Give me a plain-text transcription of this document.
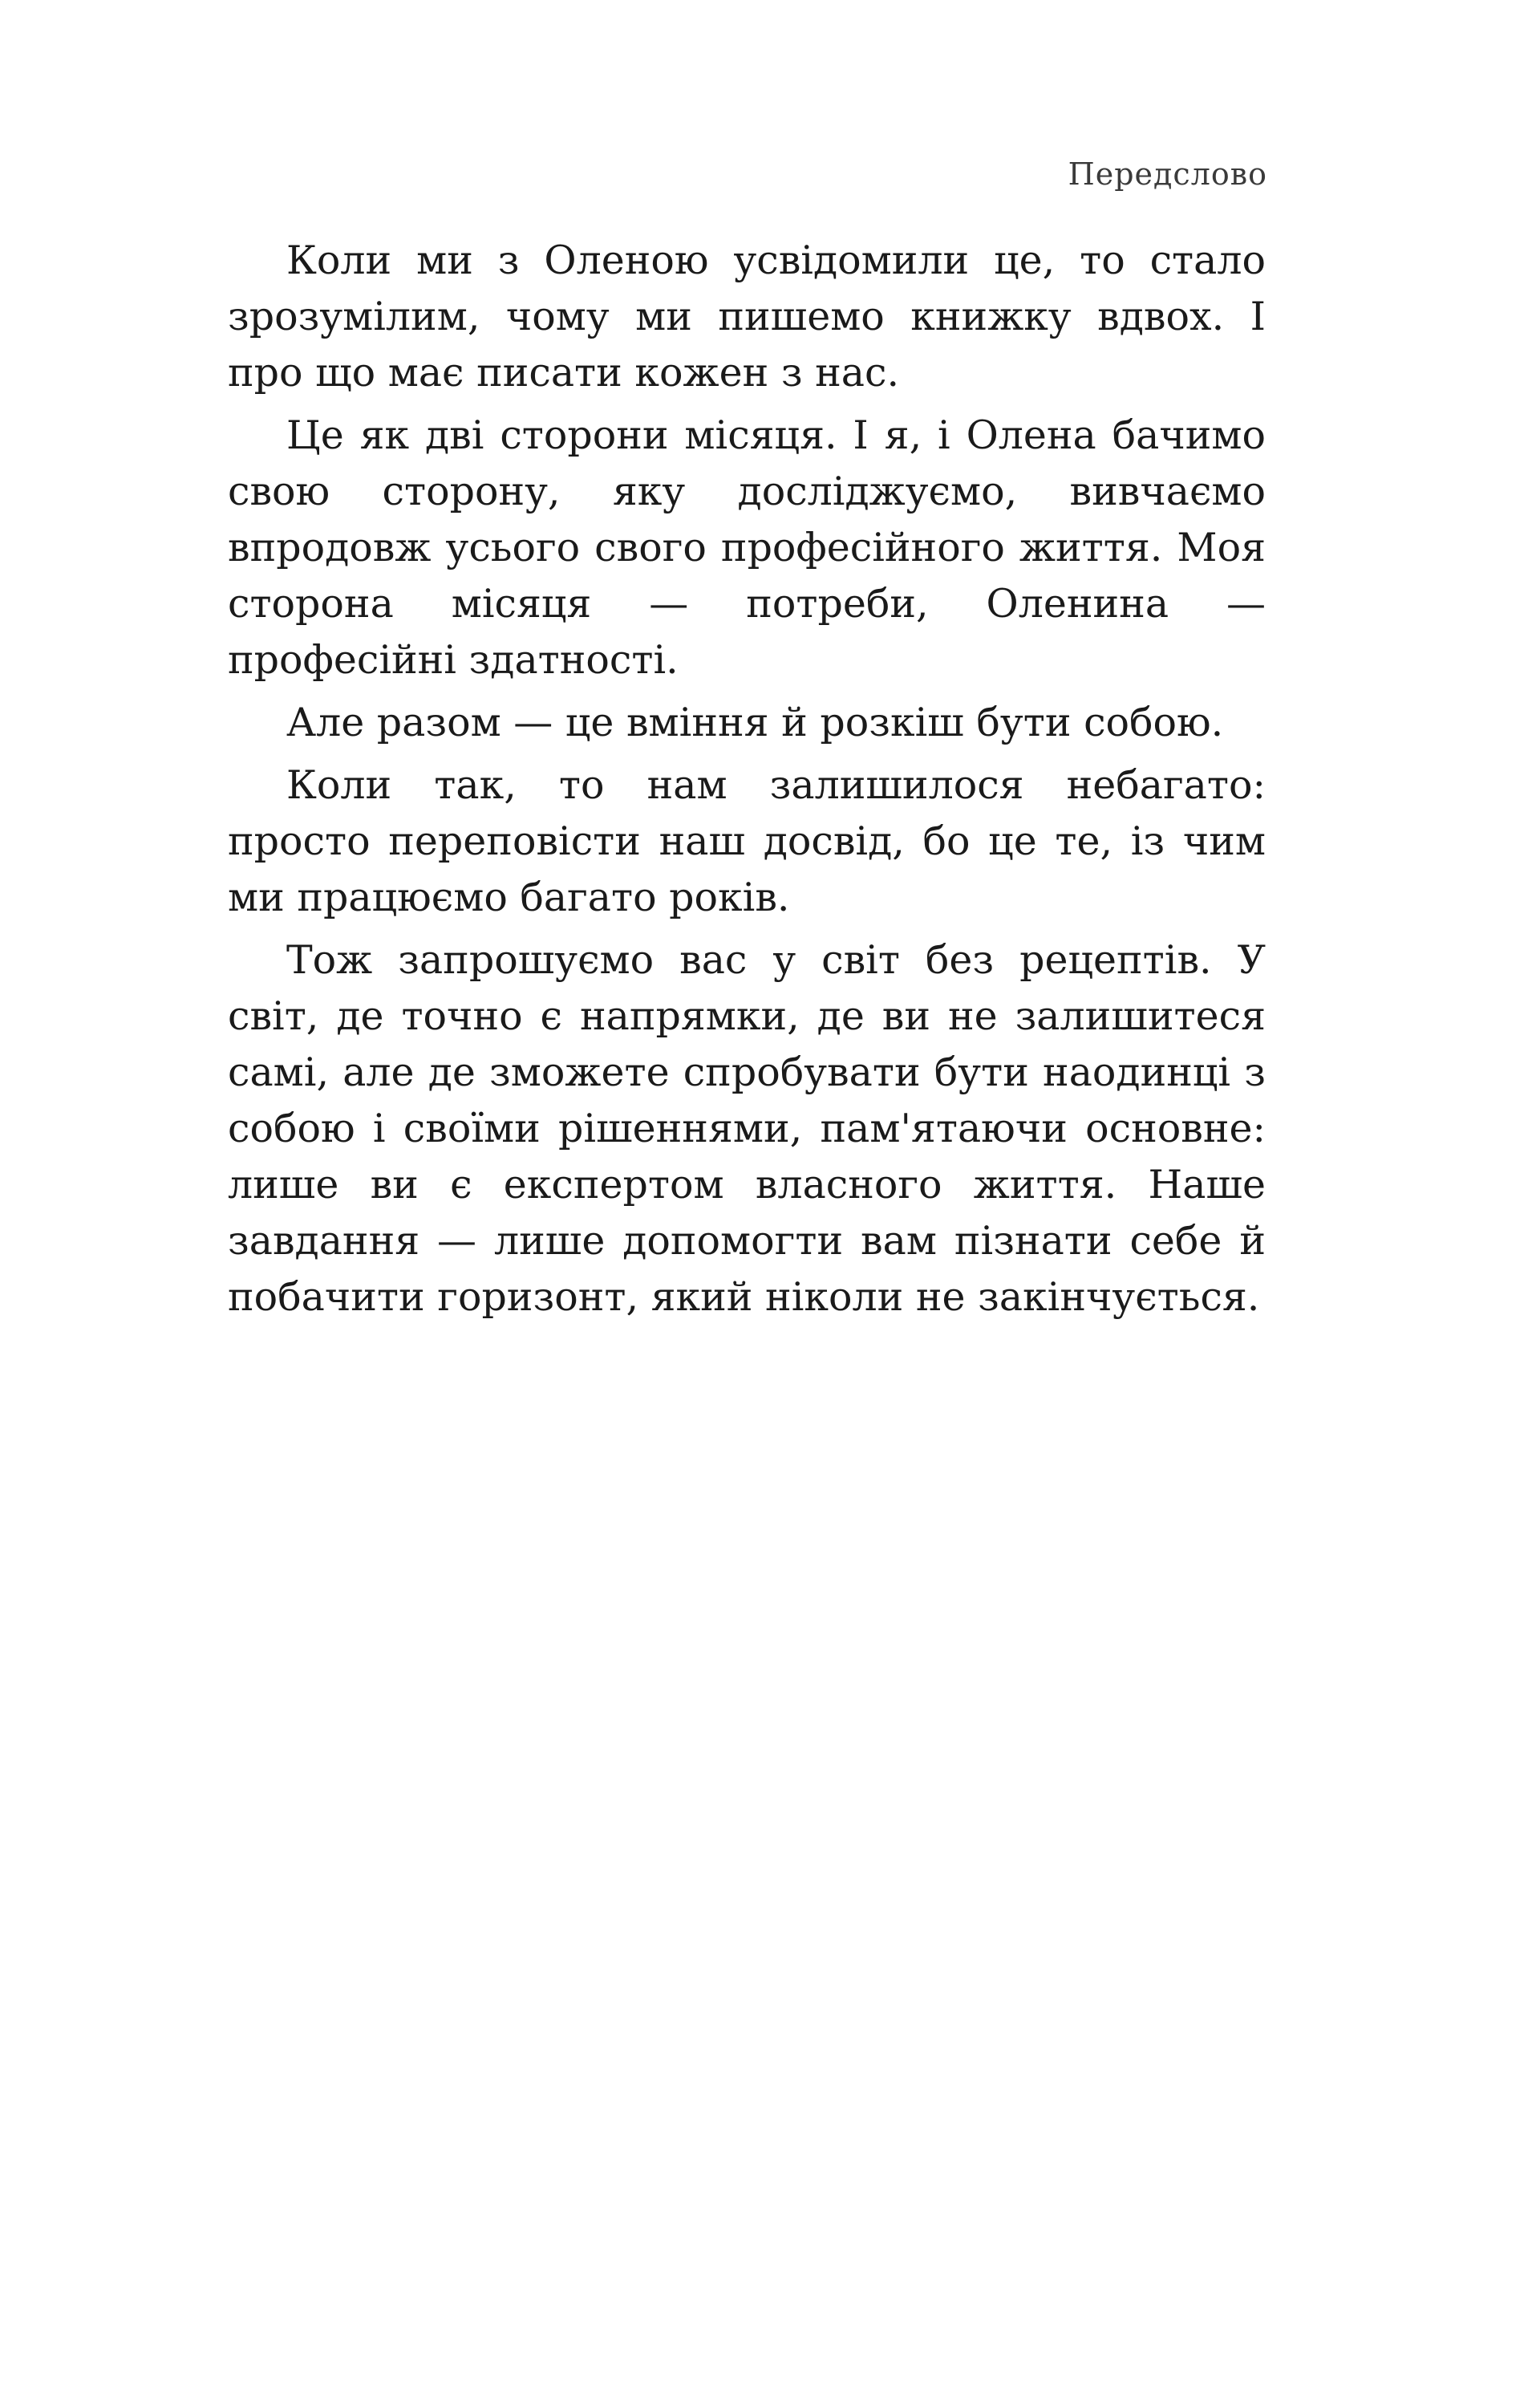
Передслово

Коли ми з Оленою усвідомили це, то стало зрозумілим, чому ми пишемо книжку вдвох. І про що має писати кожен з нас.

Це як дві сторони місяця. І я, і Олена бачимо свою сторону, яку досліджуємо, вивчаємо впродовж усього свого професійного життя. Моя сторона місяця — потреби, Оленина — професійні здатності.

Але разом — це вміння й розкіш бути собою.

Коли так, то нам залишилося небагато: просто переповісти наш досвід, бо це те, із чим ми працюємо багато років.

Тож запрошуємо вас у світ без рецептів. У світ, де точно є напрямки, де ви не залишитеся самі, але де зможете спробувати бути наодинці з собою і своїми рішеннями, пам'ятаючи основне: лише ви є експертом власного життя. Наше завдання — лише допомогти вам пізнати себе й побачити горизонт, який ніколи не закінчується.
